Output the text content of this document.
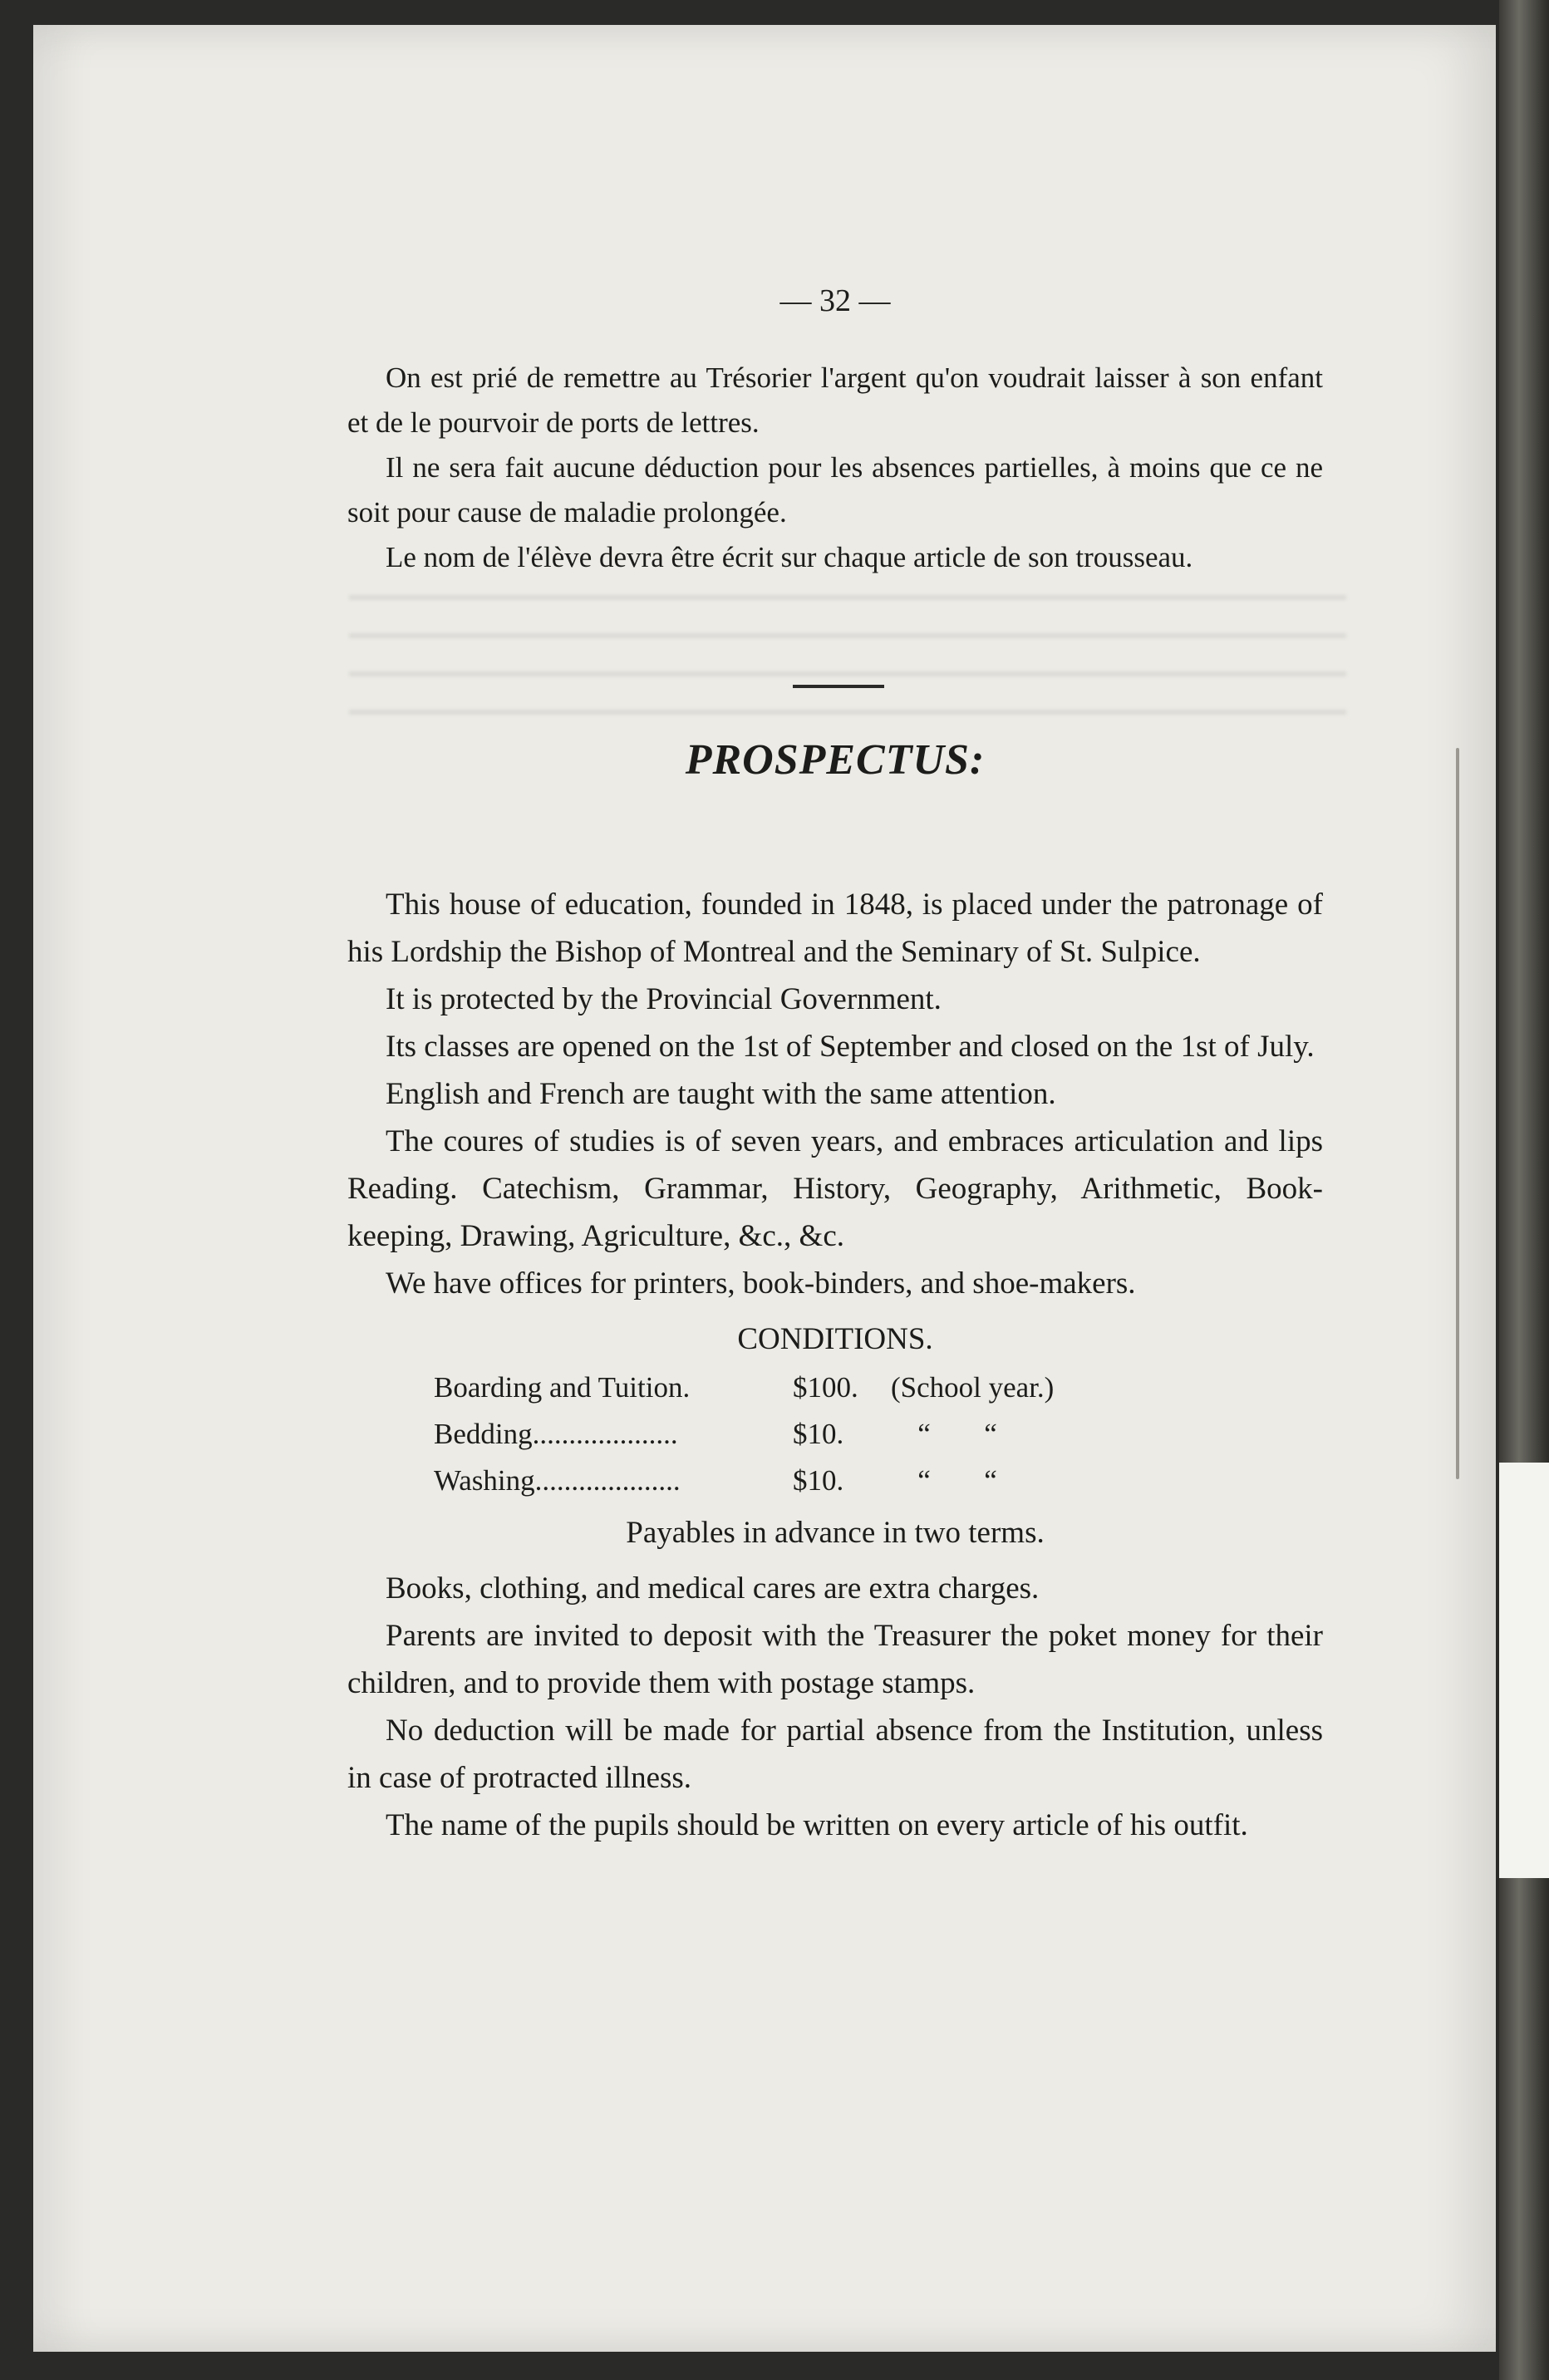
— 32 —

On est prié de remettre au Trésorier l'argent qu'on voudrait laisser à son enfant et de le pourvoir de ports de lettres.

Il ne sera fait aucune déduction pour les absences partielles, à moins que ce ne soit pour cause de maladie prolongée.

Le nom de l'élève devra être écrit sur chaque article de son trousseau.

PROSPECTUS:

This house of education, founded in 1848, is placed under the patronage of his Lordship the Bishop of Montreal and the Seminary of St. Sulpice.

It is protected by the Provincial Government.

Its classes are opened on the 1st of September and closed on the 1st of July.

English and French are taught with the same attention.

The coures of studies is of seven years, and embraces articulation and lips Reading. Catechism, Grammar, History, Geography, Arithmetic, Book-keeping, Drawing, Agriculture, &c., &c.

We have offices for printers, book-binders, and shoe-makers.

CONDITIONS.

Boarding and Tuition.	$100.	(School year.)
Bedding....................	$10.	“	“
Washing....................	$10.	“	“

Payables in advance in two terms.

Books, clothing, and medical cares are extra charges.

Parents are invited to deposit with the Treasurer the poket money for their children, and to provide them with postage stamps.

No deduction will be made for partial absence from the Institution, unless in case of protracted illness.

The name of the pupils should be written on every article of his outfit.
